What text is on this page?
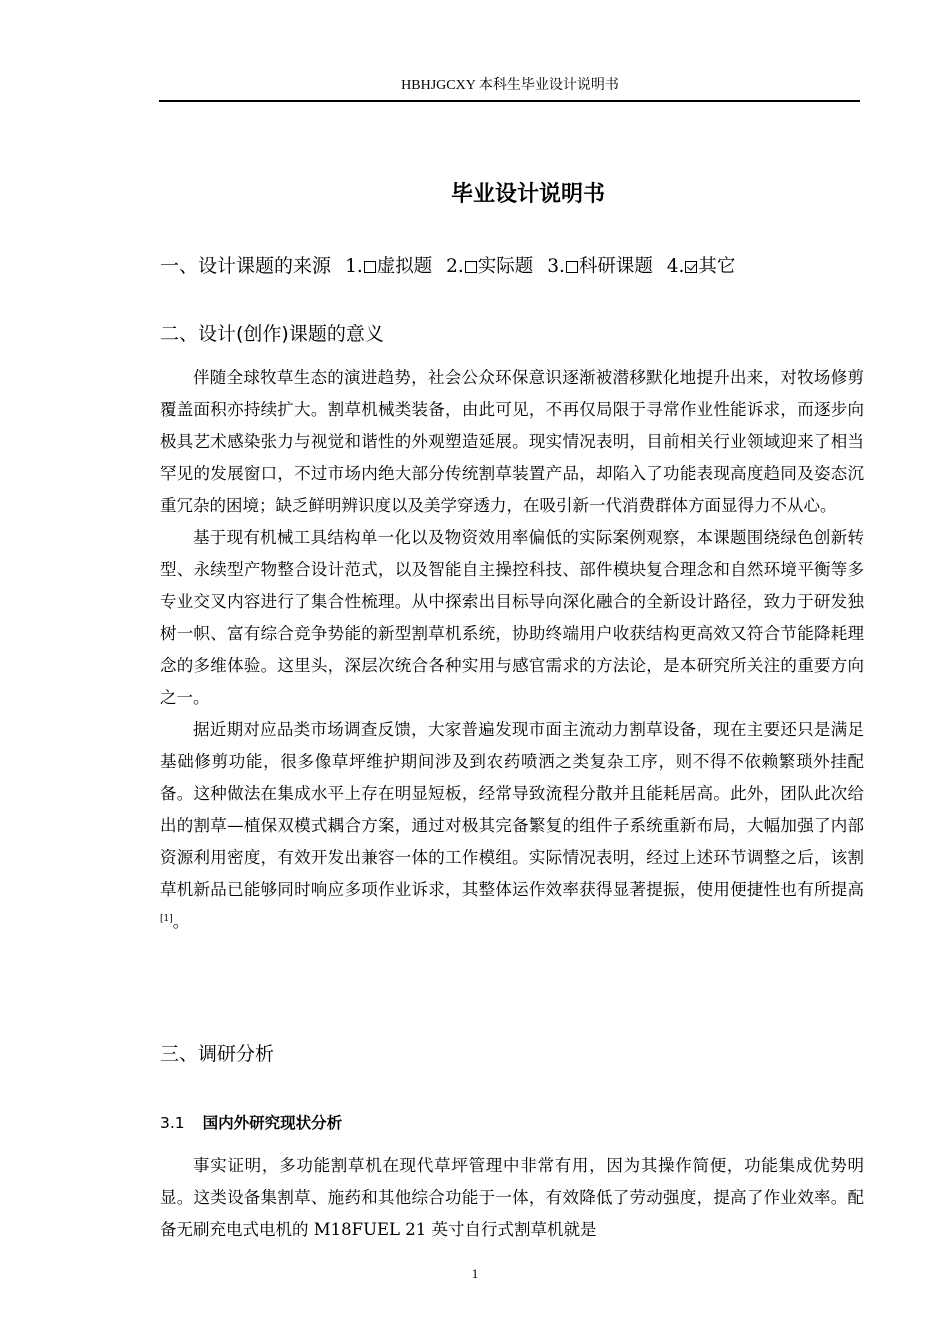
HBHJGCXY 本科生毕业设计说明书
毕业设计说明书
一、设计课题的来源 1. 虚拟题 2. 实际题 3. 科研课题 4. 其它
二、设计(创作)课题的意义

伴随全球牧草生态的演进趋势，社会公众环保意识逐渐被潜移默化地提升出来，对牧场修剪覆盖面积亦持续扩大。割草机械类装备，由此可见，不再仅局限于寻常作业性能诉求，而逐步向极具艺术感染张力与视觉和谐性的外观塑造延展。现实情况表明，目前相关行业领域迎来了相当罕见的发展窗口，不过市场内绝大部分传统割草装置产品，却陷入了功能表现高度趋同及姿态沉重冗杂的困境；缺乏鲜明辨识度以及美学穿透力，在吸引新一代消费群体方面显得力不从心。

基于现有机械工具结构单一化以及物资效用率偏低的实际案例观察，本课题围绕绿色创新转型、永续型产物整合设计范式，以及智能自主操控科技、部件模块复合理念和自然环境平衡等多专业交叉内容进行了集合性梳理。从中探索出目标导向深化融合的全新设计路径，致力于研发独树一帜、富有综合竞争势能的新型割草机系统，协助终端用户收获结构更高效又符合节能降耗理念的多维体验。这里头，深层次统合各种实用与感官需求的方法论，是本研究所关注的重要方向之一。

据近期对应品类市场调查反馈，大家普遍发现市面主流动力割草设备，现在主要还只是满足基础修剪功能，很多像草坪维护期间涉及到农药喷洒之类复杂工序，则不得不依赖繁琐外挂配备。这种做法在集成水平上存在明显短板，经常导致流程分散并且能耗居高。此外，团队此次给出的割草—植保双模式耦合方案，通过对极其完备繁复的组件子系统重新布局，大幅加强了内部资源利用密度，有效开发出兼容一体的工作模组。实际情况表明，经过上述环节调整之后，该割草机新品已能够同时响应多项作业诉求，其整体运作效率获得显著提振，使用便捷性也有所提高[1]。

三、调研分析
3.1 国内外研究现状分析

事实证明，多功能割草机在现代草坪管理中非常有用，因为其操作简便，功能集成优势明显。这类设备集割草、施药和其他综合功能于一体，有效降低了劳动强度，提高了作业效率。配备无刷充电式电机的 M18FUEL 21 英寸自行式割草机就是

1
